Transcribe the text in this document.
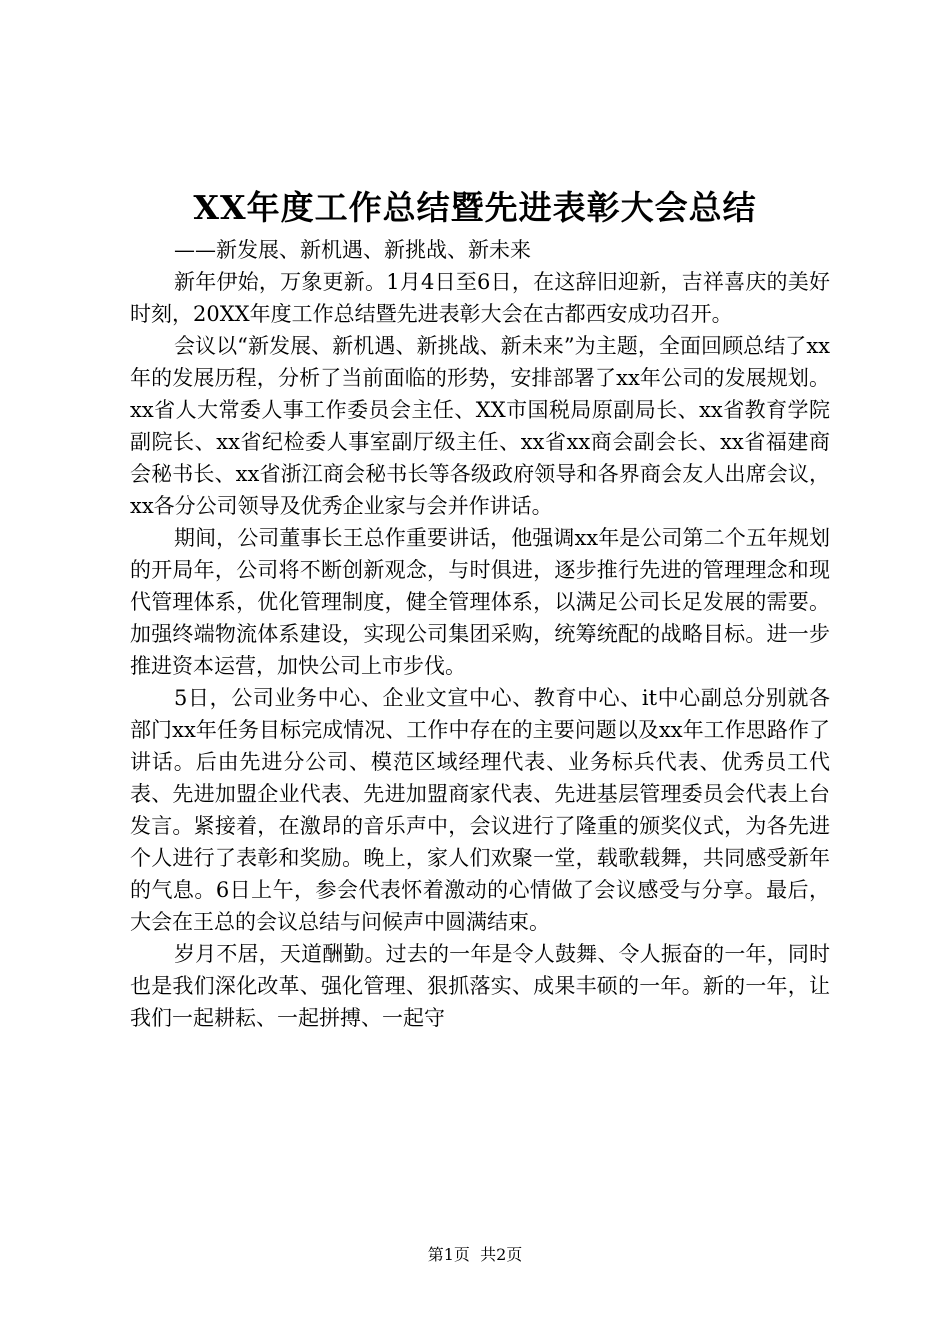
XX年度工作总结暨先进表彰大会总结

——新发展、新机遇、新挑战、新未来

新年伊始，万象更新。1月4日至6日，在这辞旧迎新，吉祥喜庆的美好时刻，20XX年度工作总结暨先进表彰大会在古都西安成功召开。

会议以“新发展、新机遇、新挑战、新未来”为主题，全面回顾总结了xx年的发展历程，分析了当前面临的形势，安排部署了xx年公司的发展规划。xx省人大常委人事工作委员会主任、XX市国税局原副局长、xx省教育学院副院长、xx省纪检委人事室副厅级主任、xx省xx商会副会长、xx省福建商会秘书长、xx省浙江商会秘书长等各级政府领导和各界商会友人出席会议，xx各分公司领导及优秀企业家与会并作讲话。

期间，公司董事长王总作重要讲话，他强调xx年是公司第二个五年规划的开局年，公司将不断创新观念，与时俱进，逐步推行先进的管理理念和现代管理体系，优化管理制度，健全管理体系，以满足公司长足发展的需要。加强终端物流体系建设，实现公司集团采购，统筹统配的战略目标。进一步推进资本运营，加快公司上市步伐。

5日，公司业务中心、企业文宣中心、教育中心、it中心副总分别就各部门xx年任务目标完成情况、工作中存在的主要问题以及xx年工作思路作了讲话。后由先进分公司、模范区域经理代表、业务标兵代表、优秀员工代表、先进加盟企业代表、先进加盟商家代表、先进基层管理委员会代表上台发言。紧接着，在激昂的音乐声中，会议进行了隆重的颁奖仪式，为各先进个人进行了表彰和奖励。晚上，家人们欢聚一堂，载歌载舞，共同感受新年的气息。6日上午，参会代表怀着激动的心情做了会议感受与分享。最后，大会在王总的会议总结与问候声中圆满结束。

岁月不居，天道酬勤。过去的一年是令人鼓舞、令人振奋的一年，同时也是我们深化改革、强化管理、狠抓落实、成果丰硕的一年。新的一年，让我们一起耕耘、一起拼搏、一起守

第1页 共2页
